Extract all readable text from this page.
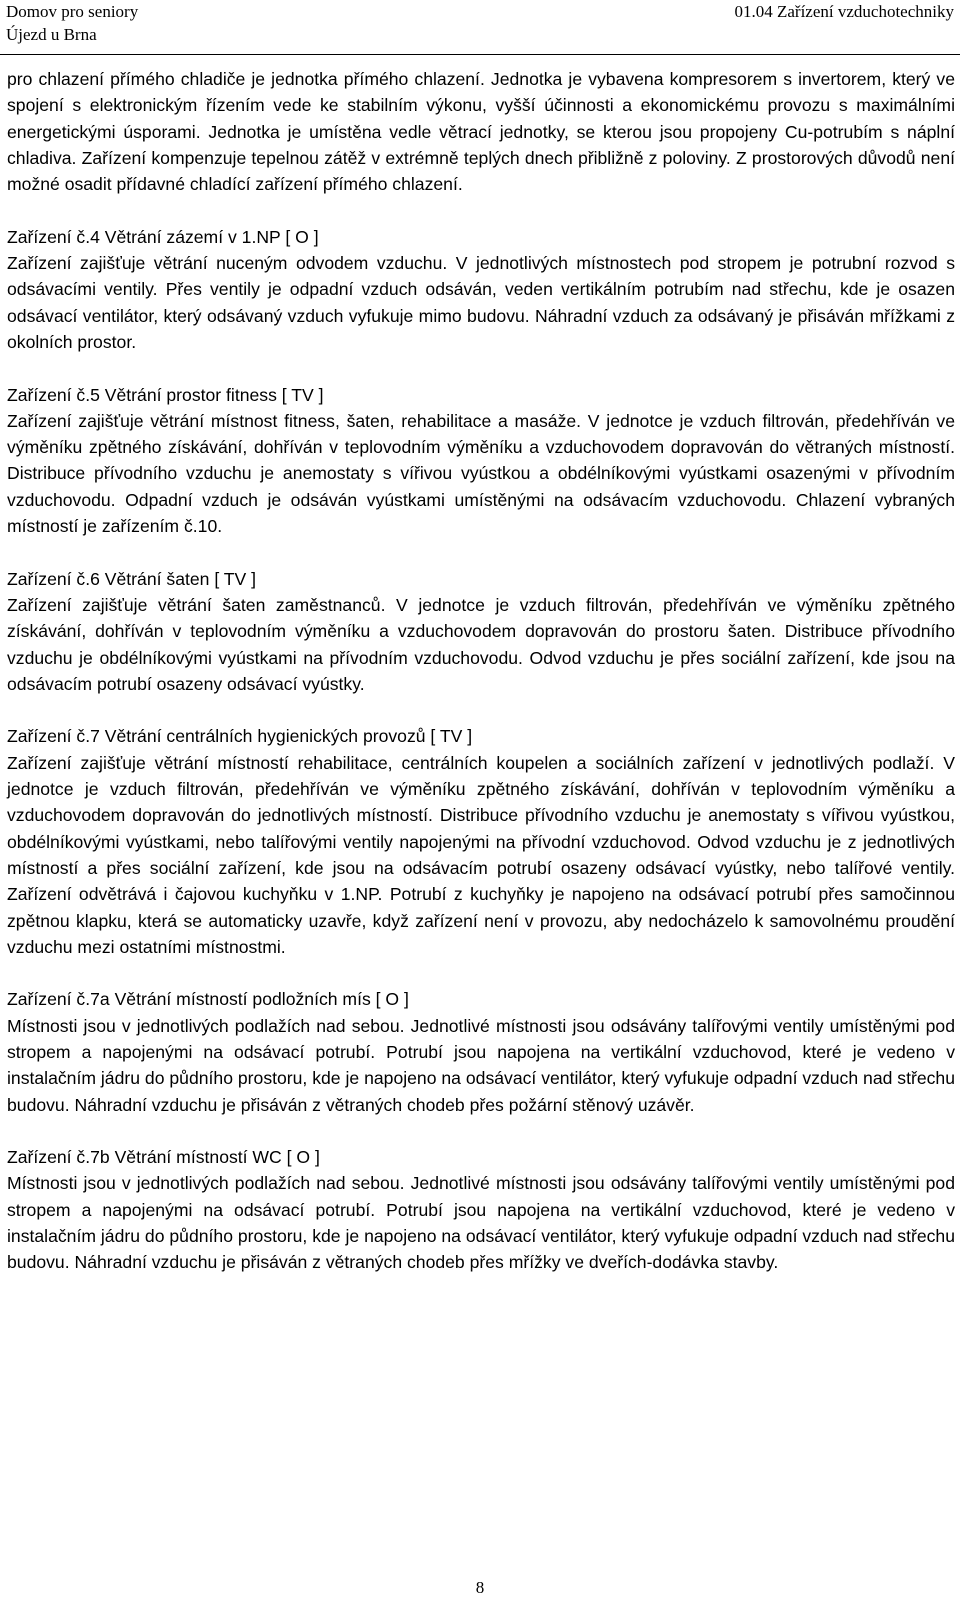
Domov pro seniory
Újezd u Brna
01.04 Zařízení vzduchotechniky

pro chlazení přímého chladiče je jednotka přímého chlazení. Jednotka je vybavena kompresorem s invertorem, který ve spojení s elektronickým řízením vede ke stabilním výkonu, vyšší účinnosti a ekonomickému provozu s maximálními energetickými úsporami. Jednotka je umístěna vedle větrací jednotky, se kterou jsou propojeny Cu-potrubím s náplní chladiva. Zařízení kompenzuje tepelnou zátěž v extrémně teplých dnech přibližně z poloviny. Z prostorových důvodů není možné osadit přídavné chladící zařízení přímého chlazení.

Zařízení č.4 Větrání zázemí v 1.NP [ O ]

Zařízení zajišťuje větrání nuceným odvodem vzduchu. V jednotlivých místnostech pod stropem je potrubní rozvod s odsávacími ventily. Přes ventily je odpadní vzduch odsáván, veden vertikálním potrubím nad střechu, kde je osazen odsávací ventilátor, který odsávaný vzduch vyfukuje mimo budovu. Náhradní vzduch za odsávaný je přisáván mřížkami z okolních prostor.

Zařízení č.5 Větrání prostor fitness [ TV ]

Zařízení zajišťuje větrání místnost fitness, šaten, rehabilitace a masáže. V jednotce je vzduch filtrován, předehříván ve výměníku zpětného získávání, dohříván v teplovodním výměníku a vzduchovodem dopravován do větraných místností. Distribuce přívodního vzduchu je anemostaty s vířivou vyústkou a obdélníkovými vyústkami osazenými v přívodním vzduchovodu. Odpadní vzduch je odsáván vyústkami umístěnými na odsávacím vzduchovodu. Chlazení vybraných místností je zařízením č.10.

Zařízení č.6 Větrání šaten [ TV ]

Zařízení zajišťuje větrání šaten zaměstnanců. V jednotce je vzduch filtrován, předehříván ve výměníku zpětného získávání, dohříván v teplovodním výměníku a vzduchovodem dopravován do prostoru šaten. Distribuce přívodního vzduchu je obdélníkovými vyústkami na přívodním vzduchovodu. Odvod vzduchu je přes sociální zařízení, kde jsou na odsávacím potrubí osazeny odsávací vyústky.

Zařízení č.7 Větrání centrálních hygienických provozů [ TV ]

Zařízení zajišťuje větrání místností rehabilitace, centrálních koupelen a sociálních zařízení v jednotlivých podlaží. V jednotce je vzduch filtrován, předehříván ve výměníku zpětného získávání, dohříván v teplovodním výměníku a vzduchovodem dopravován do jednotlivých místností. Distribuce přívodního vzduchu je anemostaty s vířivou vyústkou, obdélníkovými vyústkami, nebo talířovými ventily napojenými na přívodní vzduchovod. Odvod vzduchu je z jednotlivých místností a přes sociální zařízení, kde jsou na odsávacím potrubí osazeny odsávací vyústky, nebo talířové ventily. Zařízení odvětrává i čajovou kuchyňku v 1.NP. Potrubí z kuchyňky je napojeno na odsávací potrubí přes samočinnou zpětnou klapku, která se automaticky uzavře, když zařízení není v provozu, aby nedocházelo k samovolnému proudění vzduchu mezi ostatními místnostmi.

Zařízení č.7a Větrání místností podložních mís [ O ]

Místnosti jsou v jednotlivých podlažích nad sebou. Jednotlivé místnosti jsou odsávány talířovými ventily umístěnými pod stropem a napojenými na odsávací potrubí. Potrubí jsou napojena na vertikální vzduchovod, které je vedeno v instalačním jádru do půdního prostoru, kde je napojeno na odsávací ventilátor, který vyfukuje odpadní vzduch nad střechu budovu. Náhradní vzduchu je přisáván z větraných chodeb přes požární stěnový uzávěr.

Zařízení č.7b Větrání místností WC [ O ]

Místnosti jsou v jednotlivých podlažích nad sebou. Jednotlivé místnosti jsou odsávány talířovými ventily umístěnými pod stropem a napojenými na odsávací potrubí. Potrubí jsou napojena na vertikální vzduchovod, které je vedeno v instalačním jádru do půdního prostoru, kde je napojeno na odsávací ventilátor, který vyfukuje odpadní vzduch nad střechu budovu. Náhradní vzduchu je přisáván z větraných chodeb přes mřížky ve dveřích-dodávka stavby.

8
